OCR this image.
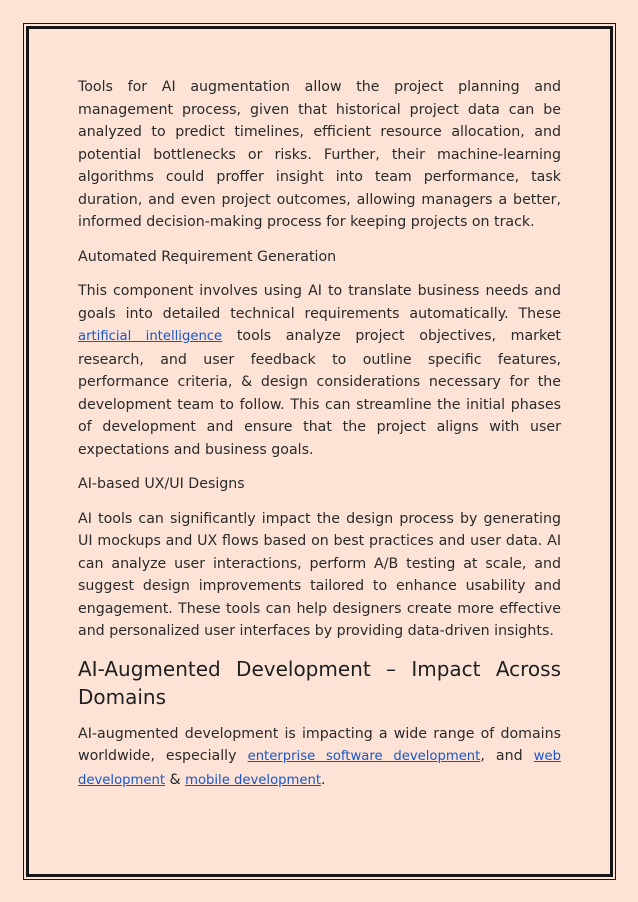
Tools for AI augmentation allow the project planning and management process, given that historical project data can be analyzed to predict timelines, efficient resource allocation, and potential bottlenecks or risks. Further, their machine-learning algorithms could proffer insight into team performance, task duration, and even project outcomes, allowing managers a better, informed decision-making process for keeping projects on track.

Automated Requirement Generation

This component involves using AI to translate business needs and goals into detailed technical requirements automatically. These artificial intelligence tools analyze project objectives, market research, and user feedback to outline specific features, performance criteria, & design considerations necessary for the development team to follow. This can streamline the initial phases of development and ensure that the project aligns with user expectations and business goals.

AI-based UX/UI Designs

AI tools can significantly impact the design process by generating UI mockups and UX flows based on best practices and user data. AI can analyze user interactions, perform A/B testing at scale, and suggest design improvements tailored to enhance usability and engagement. These tools can help designers create more effective and personalized user interfaces by providing data-driven insights.

AI-Augmented Development – Impact Across Domains

AI-augmented development is impacting a wide range of domains worldwide, especially enterprise software development, and web development & mobile development.
